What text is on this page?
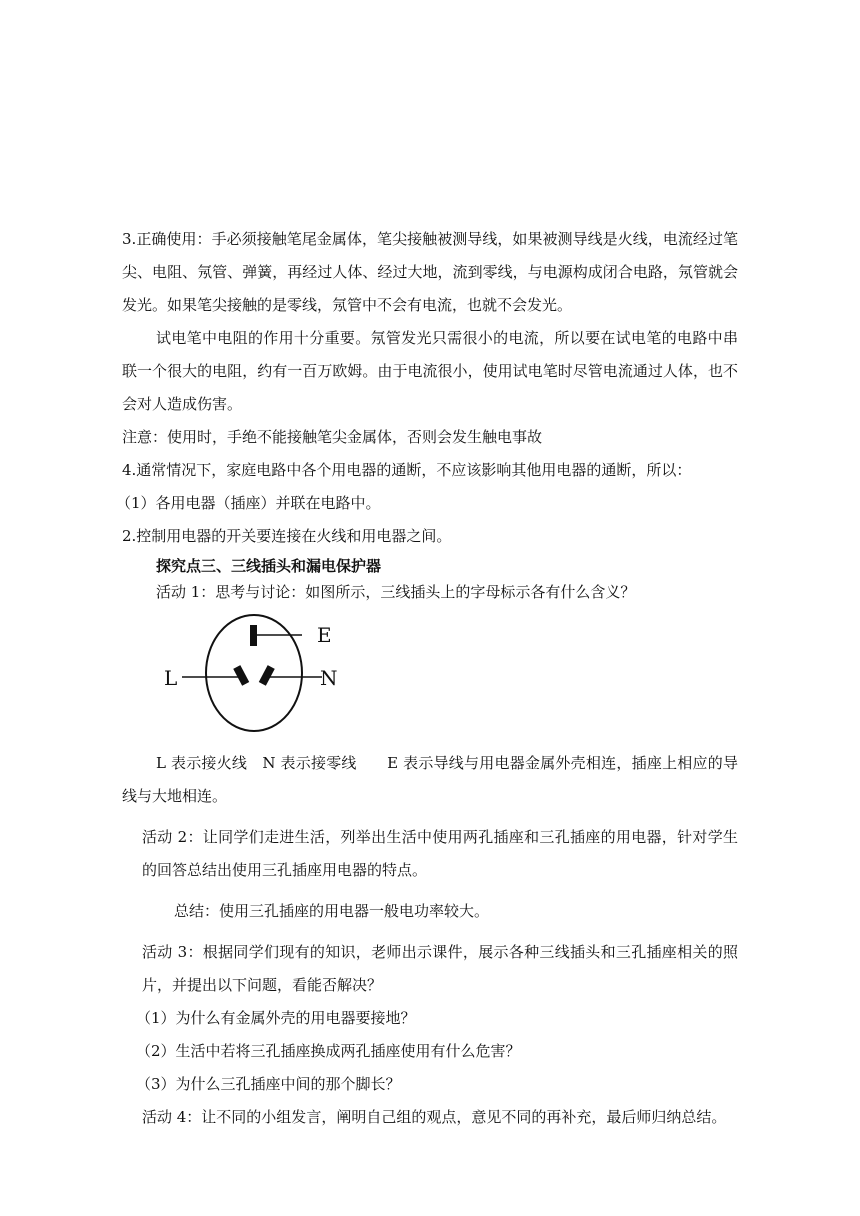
3.正确使用：手必须接触笔尾金属体，笔尖接触被测导线，如果被测导线是火线，电流经过笔尖、电阻、氖管、弹簧，再经过人体、经过大地，流到零线，与电源构成闭合电路，氖管就会发光。如果笔尖接触的是零线，氖管中不会有电流，也就不会发光。

试电笔中电阻的作用十分重要。氖管发光只需很小的电流，所以要在试电笔的电路中串联一个很大的电阻，约有一百万欧姆。由于电流很小，使用试电笔时尽管电流通过人体，也不会对人造成伤害。

注意：使用时，手绝不能接触笔尖金属体，否则会发生触电事故

4.通常情况下，家庭电路中各个用电器的通断，不应该影响其他用电器的通断，所以：

（1）各用电器（插座）并联在电路中。

2.控制用电器的开关要连接在火线和用电器之间。

探究点三、三线插头和漏电保护器

活动 1：思考与讨论：如图所示，三线插头上的字母标示各有什么含义？

E
L	N

L 表示接火线　N 表示接零线　　E 表示导线与用电器金属外壳相连，插座上相应的导线与大地相连。

活动 2：让同学们走进生活，列举出生活中使用两孔插座和三孔插座的用电器，针对学生的回答总结出使用三孔插座用电器的特点。

总结：使用三孔插座的用电器一般电功率较大。

活动 3：根据同学们现有的知识，老师出示课件，展示各种三线插头和三孔插座相关的照片，并提出以下问题，看能否解决？

（1）为什么有金属外壳的用电器要接地？

（2）生活中若将三孔插座换成两孔插座使用有什么危害？

（3）为什么三孔插座中间的那个脚长？

活动 4：让不同的小组发言，阐明自己组的观点，意见不同的再补充，最后师归纳总结。
